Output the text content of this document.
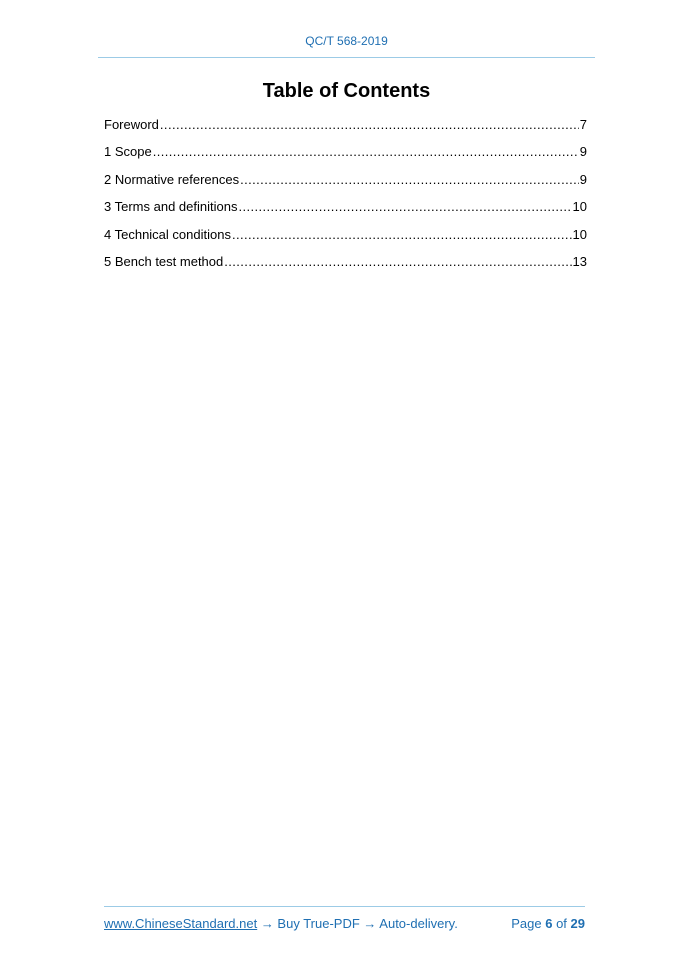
QC/T 568-2019
Table of Contents
Foreword .....	7
1 Scope .....	9
2 Normative references .....	9
3 Terms and definitions .....	10
4 Technical conditions .....	10
5 Bench test method .....	13
www.ChineseStandard.net → Buy True-PDF → Auto-delivery.	Page 6 of 29
